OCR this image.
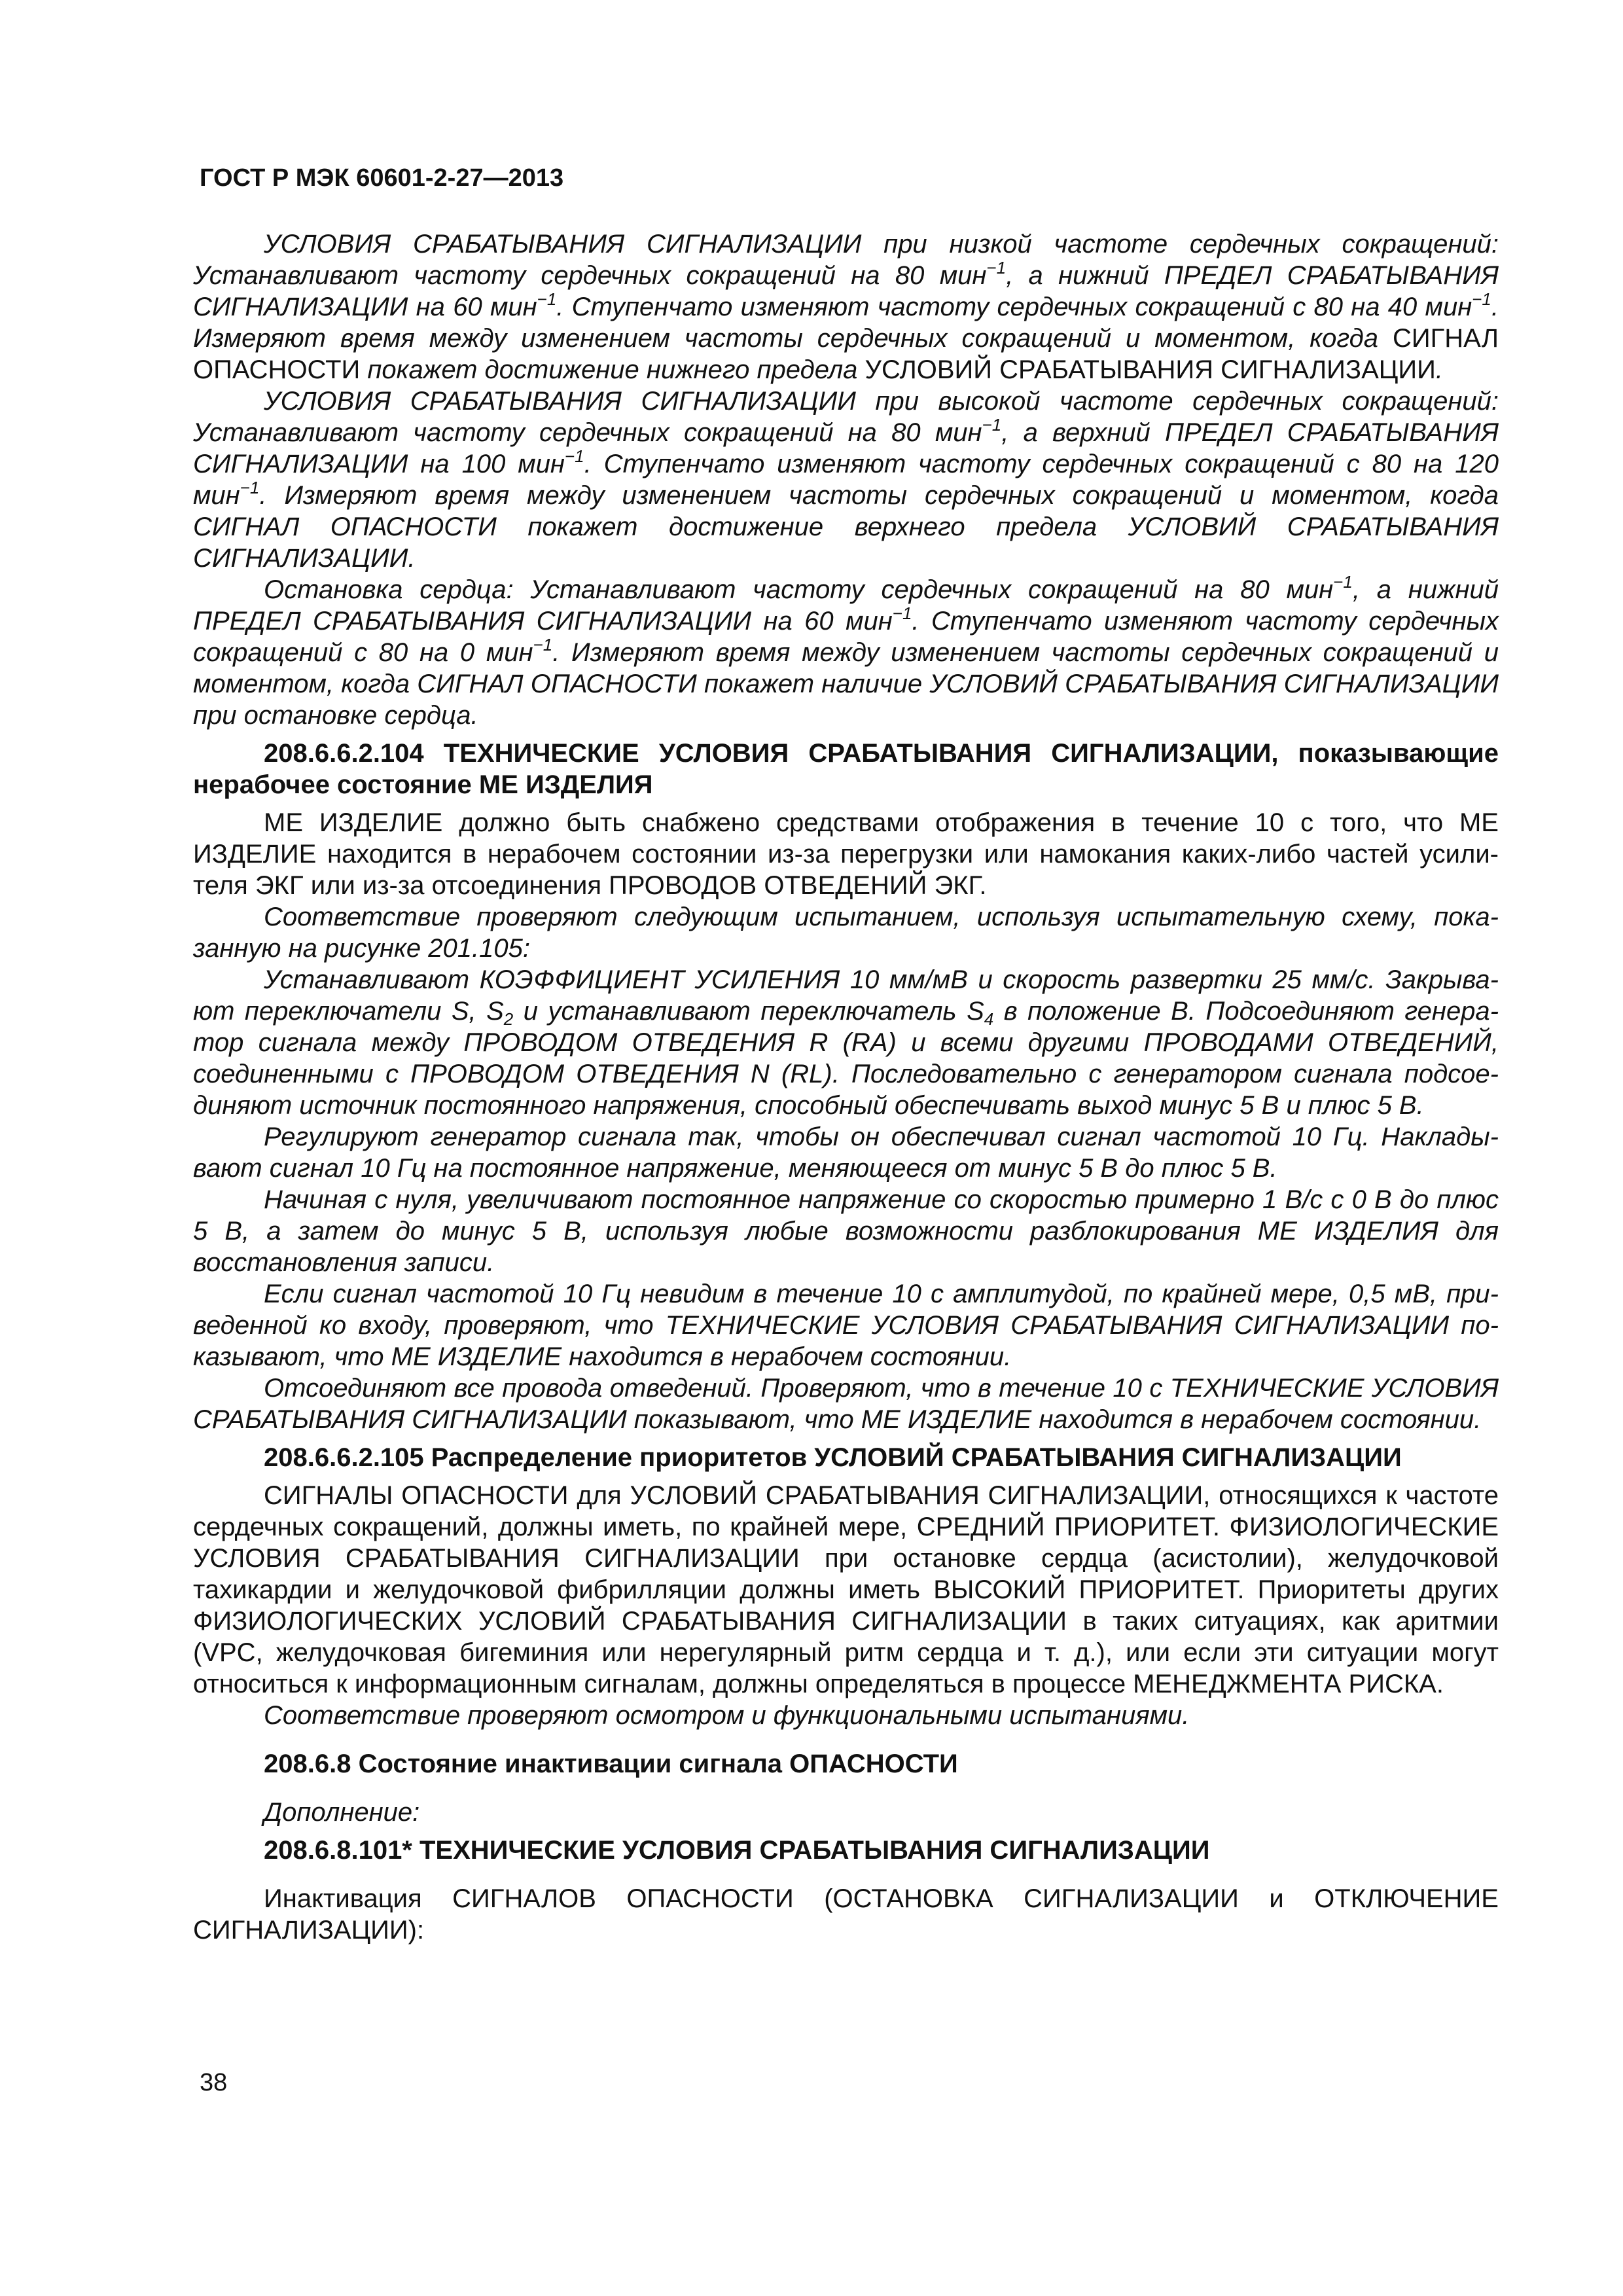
ГОСТ Р МЭК 60601-2-27—2013

УСЛОВИЯ СРАБАТЫВАНИЯ СИГНАЛИЗАЦИИ при низкой частоте сердечных сокращений: Устанавливают частоту сердечных сокращений на 80 мин$^{-1}$, а нижний ПРЕДЕЛ СРАБАТЫВАНИЯ СИГНАЛИЗАЦИИ на 60 мин$^{-1}$. Ступенчато изменяют частоту сердечных сокращений с 80 на 40 мин$^{-1}$. Измеряют время между изменением частоты сердечных сокращений и моментом, когда СИГНАЛ ОПАСНОСТИ покажет достижение нижнего предела УСЛОВИЙ СРАБАТЫВАНИЯ СИГНАЛИЗАЦИИ.

УСЛОВИЯ СРАБАТЫВАНИЯ СИГНАЛИЗАЦИИ при высокой частоте сердечных сокращений: Устанавливают частоту сердечных сокращений на 80 мин$^{-1}$, а верхний ПРЕДЕЛ СРАБАТЫВАНИЯ СИГНАЛИЗАЦИИ на 100 мин$^{-1}$. Ступенчато изменяют частоту сердечных сокращений с 80 на 120 мин$^{-1}$. Измеряют время между изменением частоты сердечных сокращений и моментом, когда СИГНАЛ ОПАСНОСТИ покажет достижение верхнего предела УСЛОВИЙ СРАБАТЫВАНИЯ СИГНАЛИЗАЦИИ.

Остановка сердца: Устанавливают частоту сердечных сокращений на 80 мин$^{-1}$, а нижний ПРЕДЕЛ СРАБАТЫВАНИЯ СИГНАЛИЗАЦИИ на 60 мин$^{-1}$. Ступенчато изменяют частоту сердечных сокращений с 80 на 0 мин$^{-1}$. Измеряют время между изменением частоты сердечных сокращений и моментом, когда СИГНАЛ ОПАСНОСТИ покажет наличие УСЛОВИЙ СРАБАТЫВАНИЯ СИГНАЛИЗАЦИИ при остановке сердца.

208.6.6.2.104 ТЕХНИЧЕСКИЕ УСЛОВИЯ СРАБАТЫВАНИЯ СИГНАЛИЗАЦИИ, показывающие нерабочее состояние МЕ ИЗДЕЛИЯ

МЕ ИЗДЕЛИЕ должно быть снабжено средствами отображения в течение 10 с того, что МЕ ИЗДЕЛИЕ находится в нерабочем состоянии из-за перегрузки или намокания каких-либо частей усилителя ЭКГ или из-за отсоединения ПРОВОДОВ ОТВЕДЕНИЙ ЭКГ.

Соответствие проверяют следующим испытанием, используя испытательную схему, показанную на рисунке 201.105:

Устанавливают КОЭФФИЦИЕНТ УСИЛЕНИЯ 10 мм/мВ и скорость развертки 25 мм/с. Закрывают переключатели S, $S_2$ и устанавливают переключатель $S_4$ в положение В. Подсоединяют генератор сигнала между ПРОВОДОМ ОТВЕДЕНИЯ R (RA) и всеми другими ПРОВОДАМИ ОТВЕДЕНИЙ, соединенными с ПРОВОДОМ ОТВЕДЕНИЯ N (RL). Последовательно с генератором сигнала подсоединяют источник постоянного напряжения, способный обеспечивать выход минус 5 В и плюс 5 В.

Регулируют генератор сигнала так, чтобы он обеспечивал сигнал частотой 10 Гц. Накладывают сигнал 10 Гц на постоянное напряжение, меняющееся от минус 5 В до плюс 5 В.

Начиная с нуля, увеличивают постоянное напряжение со скоростью примерно 1 В/с с 0 В до плюс 5 В, а затем до минус 5 В, используя любые возможности разблокирования МЕ ИЗДЕЛИЯ для восстановления записи.

Если сигнал частотой 10 Гц невидим в течение 10 с амплитудой, по крайней мере, 0,5 мВ, приведенной ко входу, проверяют, что ТЕХНИЧЕСКИЕ УСЛОВИЯ СРАБАТЫВАНИЯ СИГНАЛИЗАЦИИ показывают, что МЕ ИЗДЕЛИЕ находится в нерабочем состоянии.

Отсоединяют все провода отведений. Проверяют, что в течение 10 с ТЕХНИЧЕСКИЕ УСЛОВИЯ СРАБАТЫВАНИЯ СИГНАЛИЗАЦИИ показывают, что МЕ ИЗДЕЛИЕ находится в нерабочем состоянии.

208.6.6.2.105 Распределение приоритетов УСЛОВИЙ СРАБАТЫВАНИЯ СИГНАЛИЗАЦИИ

СИГНАЛЫ ОПАСНОСТИ для УСЛОВИЙ СРАБАТЫВАНИЯ СИГНАЛИЗАЦИИ, относящихся к частоте сердечных сокращений, должны иметь, по крайней мере, СРЕДНИЙ ПРИОРИТЕТ. ФИЗИОЛОГИЧЕСКИЕ УСЛОВИЯ СРАБАТЫВАНИЯ СИГНАЛИЗАЦИИ при остановке сердца (асистолии), желудочковой тахикардии и желудочковой фибрилляции должны иметь ВЫСОКИЙ ПРИОРИТЕТ. Приоритеты других ФИЗИОЛОГИЧЕСКИХ УСЛОВИЙ СРАБАТЫВАНИЯ СИГНАЛИЗАЦИИ в таких ситуациях, как аритмии (VPC, желудочковая бигеминия или нерегулярный ритм сердца и т. д.), или если эти ситуации могут относиться к информационным сигналам, должны определяться в процессе МЕНЕДЖМЕНТА РИСКА.

Соответствие проверяют осмотром и функциональными испытаниями.

208.6.8 Состояние инактивации сигнала ОПАСНОСТИ

Дополнение:

208.6.8.101* ТЕХНИЧЕСКИЕ УСЛОВИЯ СРАБАТЫВАНИЯ СИГНАЛИЗАЦИИ

Инактивация СИГНАЛОВ ОПАСНОСТИ (ОСТАНОВКА СИГНАЛИЗАЦИИ и ОТКЛЮЧЕНИЕ СИГНАЛИЗАЦИИ):

38
